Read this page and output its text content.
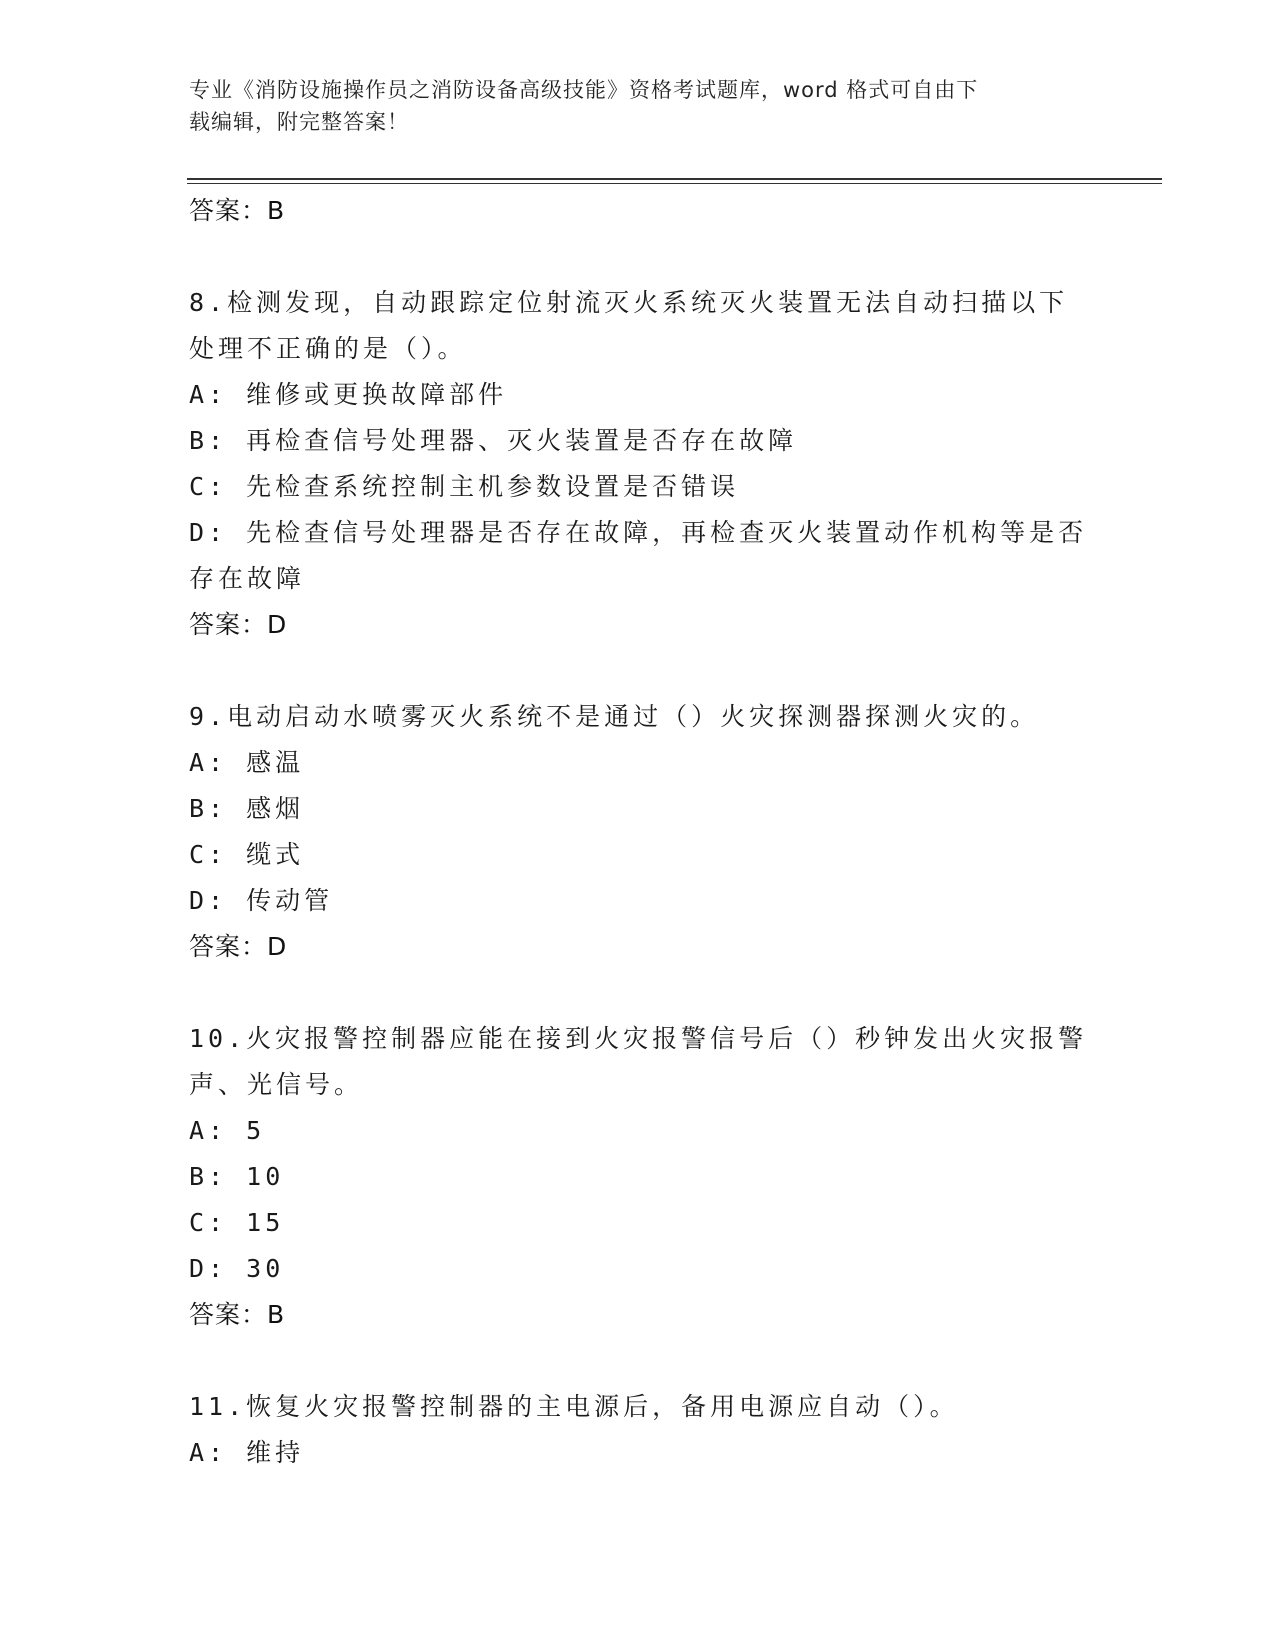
专业《消防设施操作员之消防设备高级技能》资格考试题库，word 格式可自由下
载编辑，附完整答案！
答案：B
8.检测发现，自动跟踪定位射流灭火系统灭火装置无法自动扫描以下处理不正确的是（）。
A: 维修或更换故障部件
B: 再检查信号处理器、灭火装置是否存在故障
C: 先检查系统控制主机参数设置是否错误
D: 先检查信号处理器是否存在故障，再检查灭火装置动作机构等是否存在故障
答案：D
9.电动启动水喷雾灭火系统不是通过（）火灾探测器探测火灾的。
A: 感温
B: 感烟
C: 缆式
D: 传动管
答案：D
10.火灾报警控制器应能在接到火灾报警信号后（）秒钟发出火灾报警声、光信号。
A: 5
B: 10
C: 15
D: 30
答案：B
11.恢复火灾报警控制器的主电源后，备用电源应自动（）。
A: 维持
